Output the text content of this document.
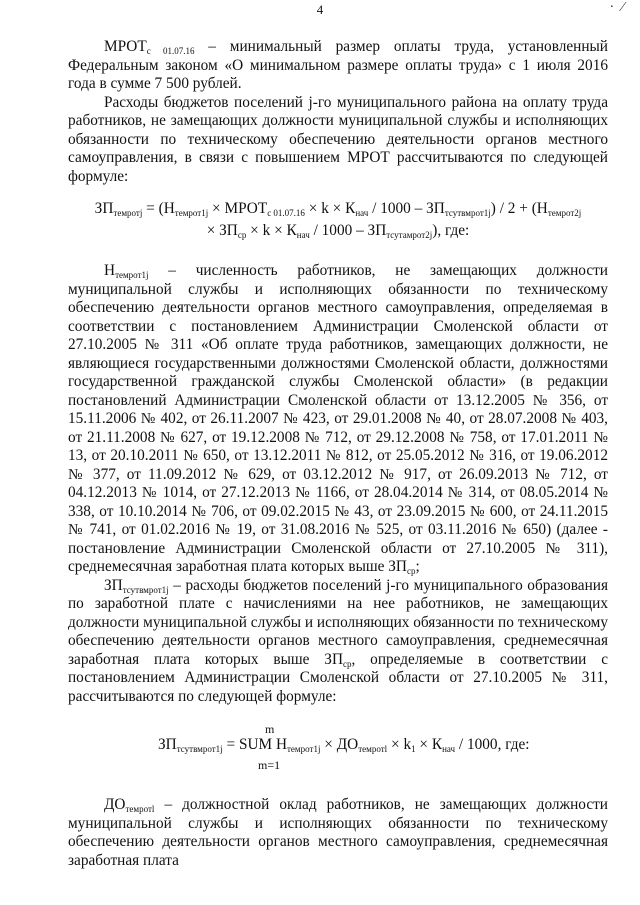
4	· ⁄

$МРОТ_{с 01.07.16}$ – минимальный размер оплаты труда, установленный Федеральным законом «О минимальном размере оплаты труда» с 1 июля 2016 года в сумме 7 500 рублей.

Расходы бюджетов поселений j-го муниципального района на оплату труда работников, не замещающих должности муниципальной службы и исполняющих обязанности по техническому обеспечению деятельности органов местного самоуправления, в связи с повышением МРОТ рассчитываются по следующей формуле:

$ЗП_{темротj} = (Н_{темрот1j}$ × $МРОТ_{с 01.07.16} \times k \times К_{нач} / 1000 - ЗП_{тсутвмрот1j}) / 2 + (Н_{темрот2j}$
× $ЗП_{ср} \times k \times К_{нач} / 1000 - ЗП_{тсутамрот2j}$), где:

$Н_{темрот1j}$ – численность работников, не замещающих должности муниципальной службы и исполняющих обязанности по техническому обеспечению деятельности органов местного самоуправления, определяемая в соответствии с постановлением Администрации Смоленской области от 27.10.2005 № 311 «Об оплате труда работников, замещающих должности, не являющиеся государственными должностями Смоленской области, должностями государственной гражданской службы Смоленской области» (в редакции постановлений Администрации Смоленской области от 13.12.2005 № 356, от 15.11.2006 № 402, от 26.11.2007 № 423, от 29.01.2008 № 40, от 28.07.2008 № 403, от 21.11.2008 № 627, от 19.12.2008 № 712, от 29.12.2008 № 758, от 17.01.2011 № 13, от 20.10.2011 № 650, от 13.12.2011 № 812, от 25.05.2012 № 316, от 19.06.2012 № 377, от 11.09.2012 № 629, от 03.12.2012 № 917, от 26.09.2013 № 712, от 04.12.2013 № 1014, от 27.12.2013 № 1166, от 28.04.2014 № 314, от 08.05.2014 № 338, от 10.10.2014 № 706, от 09.02.2015 № 43, от 23.09.2015 № 600, от 24.11.2015 № 741, от 01.02.2016 № 19, от 31.08.2016 № 525, от 03.11.2016 № 650) (далее - постановление Администрации Смоленской области от 27.10.2005 № 311), среднемесячная заработная плата которых выше $ЗП_{ср}$;

$ЗП_{тсутвмрот1j}$ – расходы бюджетов поселений j-го муниципального образования по заработной плате с начислениями на нее работников, не замещающих должности муниципальной службы и исполняющих обязанности по техническому обеспечению деятельности органов местного самоуправления, среднемесячная заработная плата которых выше $ЗП_{ср}$, определяемые в соответствии с постановлением Администрации Смоленской области от 27.10.2005 № 311, рассчитываются по следующей формуле:

m
$ЗП_{тсутвмрот1j}$ = SUM $Н_{темрот1j} \times ДО_{темротl} \times k_1 \times К_{нач} / 1000$, где:
m=1

$ДО_{темротl}$ – должностной оклад работников, не замещающих должности муниципальной службы и исполняющих обязанности по техническому обеспечению деятельности органов местного самоуправления, среднемесячная заработная плата
